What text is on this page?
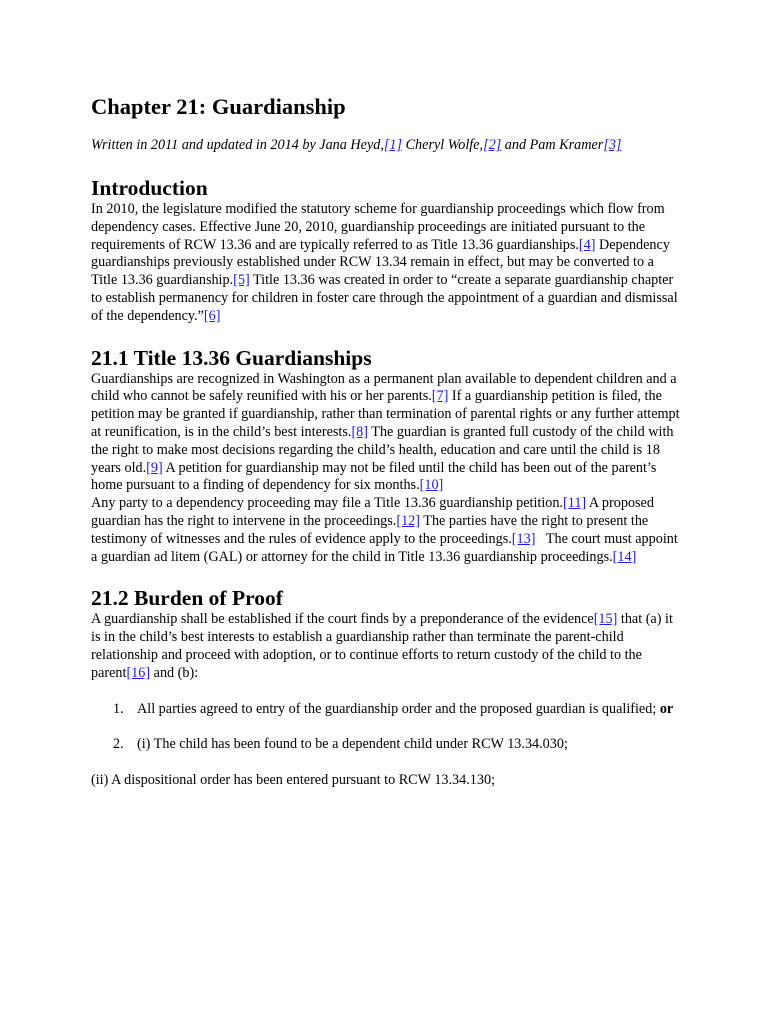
Chapter 21: Guardianship

Written in 2011 and updated in 2014 by Jana Heyd,[1] Cheryl Wolfe,[2] and Pam Kramer[3]

Introduction

In 2010, the legislature modified the statutory scheme for guardianship proceedings which flow from dependency cases. Effective June 20, 2010, guardianship proceedings are initiated pursuant to the requirements of RCW 13.36 and are typically referred to as Title 13.36 guardianships.[4] Dependency guardianships previously established under RCW 13.34 remain in effect, but may be converted to a Title 13.36 guardianship.[5] Title 13.36 was created in order to “create a separate guardianship chapter to establish permanency for children in foster care through the appointment of a guardian and dismissal of the dependency.”[6]

21.1 Title 13.36 Guardianships

Guardianships are recognized in Washington as a permanent plan available to dependent children and a child who cannot be safely reunified with his or her parents.[7] If a guardianship petition is filed, the petition may be granted if guardianship, rather than termination of parental rights or any further attempt at reunification, is in the child’s best interests.[8] The guardian is granted full custody of the child with the right to make most decisions regarding the child’s health, education and care until the child is 18 years old.[9] A petition for guardianship may not be filed until the child has been out of the parent’s home pursuant to a finding of dependency for six months.[10]

Any party to a dependency proceeding may file a Title 13.36 guardianship petition.[11] A proposed guardian has the right to intervene in the proceedings.[12] The parties have the right to present the testimony of witnesses and the rules of evidence apply to the proceedings.[13]   The court must appoint a guardian ad litem (GAL) or attorney for the child in Title 13.36 guardianship proceedings.[14]

21.2 Burden of Proof

A guardianship shall be established if the court finds by a preponderance of the evidence[15] that (a) it is in the child’s best interests to establish a guardianship rather than terminate the parent-child relationship and proceed with adoption, or to continue efforts to return custody of the child to the parent[16] and (b):

1. All parties agreed to entry of the guardianship order and the proposed guardian is qualified; or
2. (i) The child has been found to be a dependent child under RCW 13.34.030;

(ii) A dispositional order has been entered pursuant to RCW 13.34.130;
